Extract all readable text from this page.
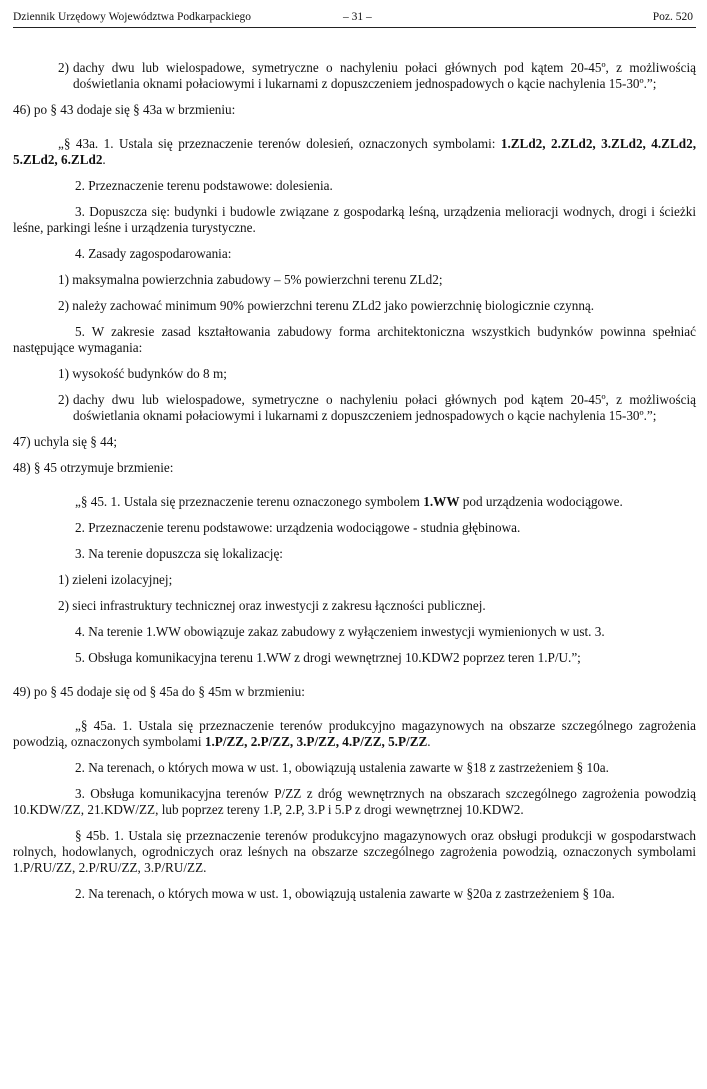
Dziennik Urzędowy Województwa Podkarpackiego	– 31 –	Poz. 520

2) dachy dwu lub wielospadowe, symetryczne o nachyleniu połaci głównych pod kątem 20-45º, z możliwością doświetlania oknami połaciowymi i lukarnami z dopuszczeniem jednospadowych o kącie nachylenia 15-30º.”;

46) po § 43 dodaje się § 43a w brzmieniu:

„§ 43a. 1. Ustala się przeznaczenie terenów dolesień, oznaczonych symbolami: 1.ZLd2, 2.ZLd2, 3.ZLd2, 4.ZLd2, 5.ZLd2, 6.ZLd2.

2. Przeznaczenie terenu podstawowe: dolesienia.

3. Dopuszcza się: budynki i budowle związane z gospodarką leśną, urządzenia melioracji wodnych, drogi i ścieżki leśne, parkingi leśne i urządzenia turystyczne.

4. Zasady zagospodarowania:

1) maksymalna powierzchnia zabudowy – 5% powierzchni terenu ZLd2;

2) należy zachować minimum 90% powierzchni terenu ZLd2 jako powierzchnię biologicznie czynną.

5. W zakresie zasad kształtowania zabudowy forma architektoniczna wszystkich budynków powinna spełniać następujące wymagania:

1) wysokość budynków do 8 m;

2) dachy dwu lub wielospadowe, symetryczne o nachyleniu połaci głównych pod kątem 20-45º, z możliwością doświetlania oknami połaciowymi i lukarnami z dopuszczeniem jednospadowych o kącie nachylenia 15-30º.”;

47) uchyla się § 44;

48) § 45 otrzymuje brzmienie:

„§ 45. 1. Ustala się przeznaczenie terenu oznaczonego symbolem 1.WW pod urządzenia wodociągowe.

2. Przeznaczenie terenu podstawowe: urządzenia wodociągowe - studnia głębinowa.

3. Na terenie dopuszcza się lokalizację:

1) zieleni izolacyjnej;

2) sieci infrastruktury technicznej oraz inwestycji z zakresu łączności publicznej.

4. Na terenie 1.WW obowiązuje zakaz zabudowy z wyłączeniem inwestycji wymienionych w ust. 3.

5. Obsługa komunikacyjna terenu 1.WW z drogi wewnętrznej 10.KDW2 poprzez teren 1.P/U.”;

49) po § 45 dodaje się od § 45a do § 45m w brzmieniu:

„§ 45a. 1. Ustala się przeznaczenie terenów produkcyjno magazynowych na obszarze szczególnego zagrożenia powodzią, oznaczonych symbolami 1.P/ZZ, 2.P/ZZ, 3.P/ZZ, 4.P/ZZ, 5.P/ZZ.

2. Na terenach, o których mowa w ust. 1, obowiązują ustalenia zawarte w §18 z zastrzeżeniem § 10a.

3. Obsługa komunikacyjna terenów P/ZZ z dróg wewnętrznych na obszarach szczególnego zagrożenia powodzią 10.KDW/ZZ, 21.KDW/ZZ, lub poprzez tereny 1.P, 2.P, 3.P i 5.P z drogi wewnętrznej 10.KDW2.

§ 45b. 1. Ustala się przeznaczenie terenów produkcyjno magazynowych oraz obsługi produkcji w gospodarstwach rolnych, hodowlanych, ogrodniczych oraz leśnych na obszarze szczególnego zagrożenia powodzią, oznaczonych symbolami 1.P/RU/ZZ, 2.P/RU/ZZ, 3.P/RU/ZZ.

2. Na terenach, o których mowa w ust. 1, obowiązują ustalenia zawarte w §20a z zastrzeżeniem § 10a.
